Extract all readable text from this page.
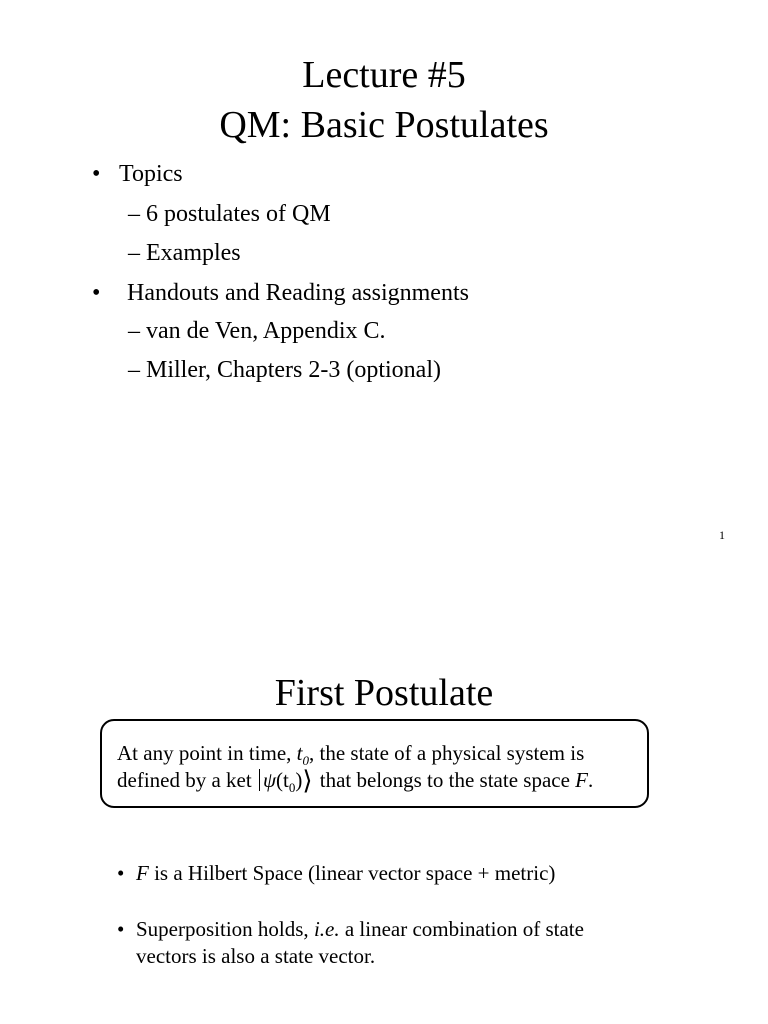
Lecture #5
QM: Basic Postulates
• Topics
– 6 postulates of QM
– Examples
• Handouts and Reading assignments
– van de Ven, Appendix C.
– Miller, Chapters 2-3 (optional)
1
First Postulate
At any point in time, $t_0$, the state of a physical system is
defined by a ket $\psi(t_0)⟩$ that belongs to the state space F.
• F is a Hilbert Space (linear vector space + metric)
• Superposition holds, i.e. a linear combination of state
vectors is also a state vector.
